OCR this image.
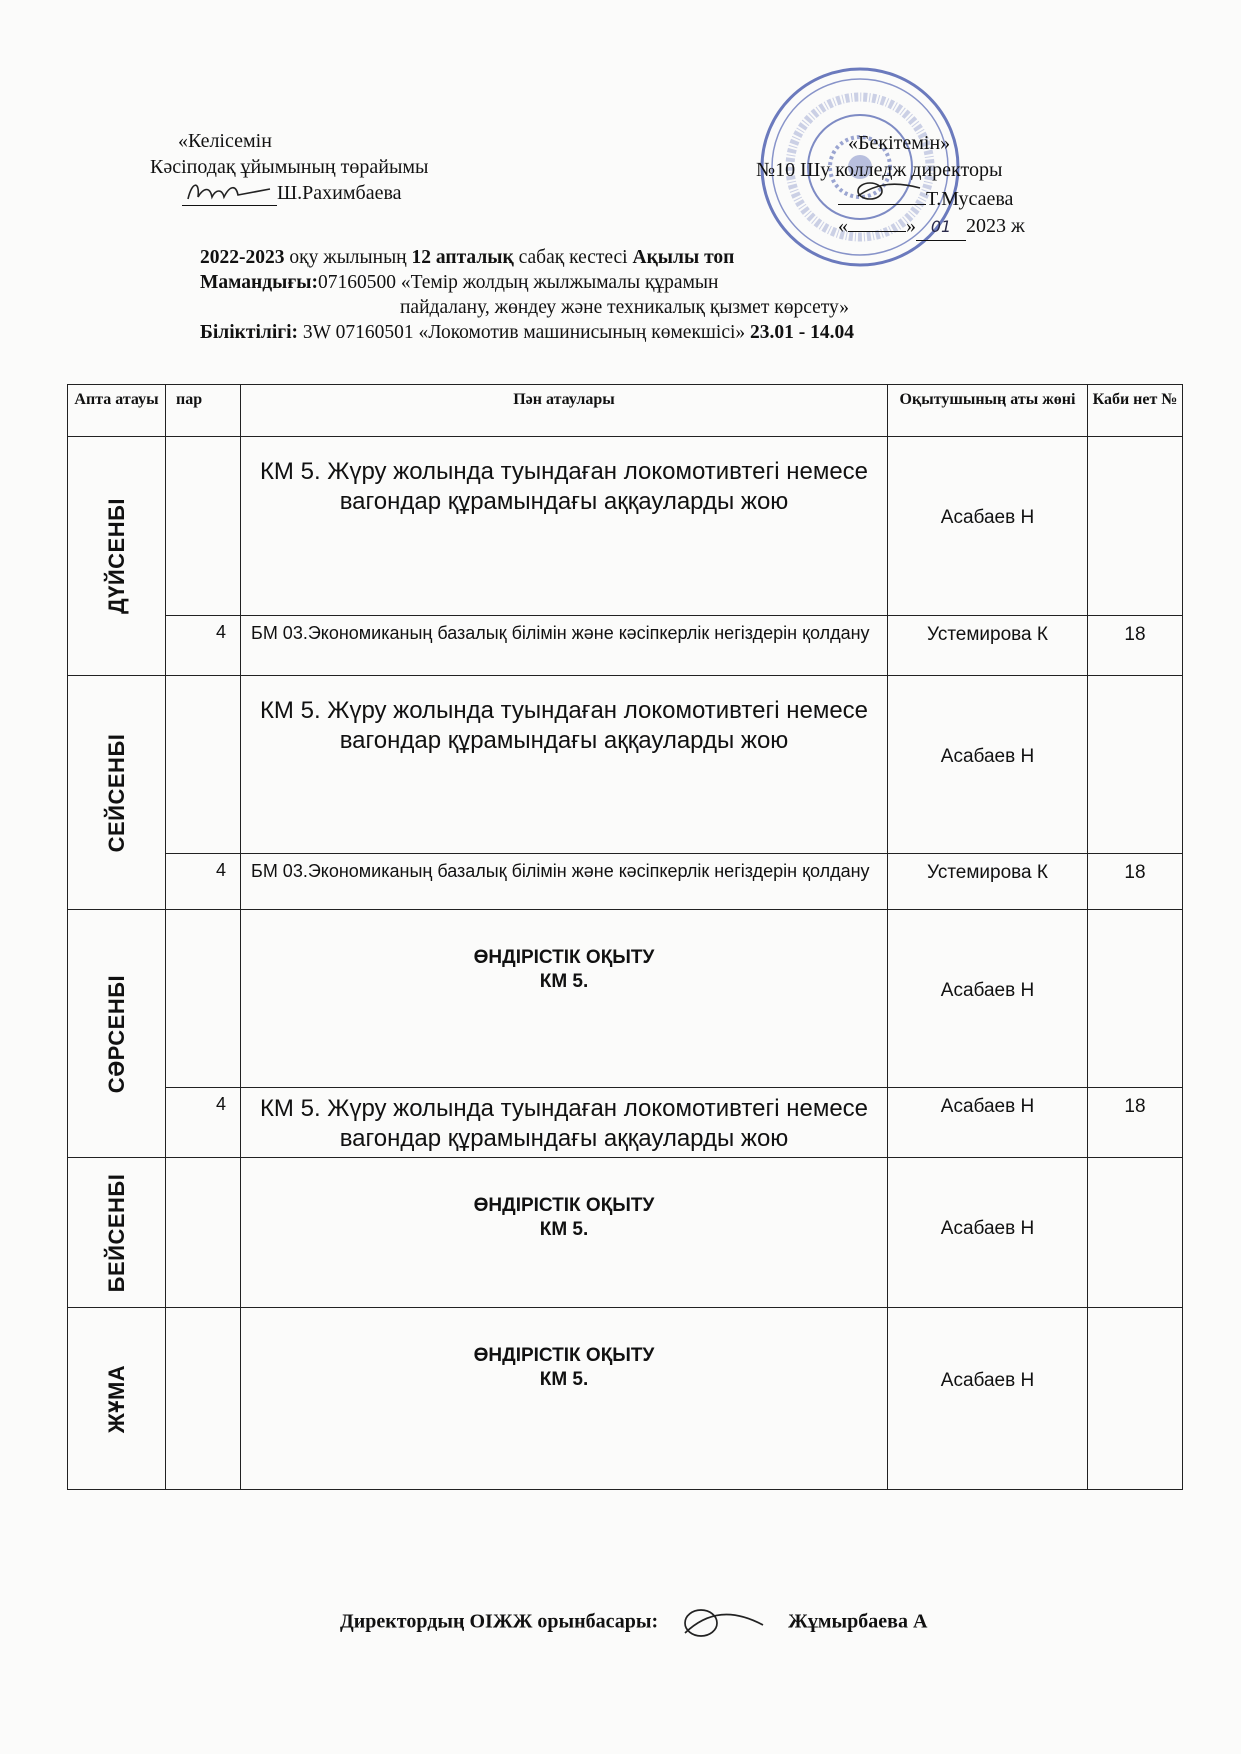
«Келісемін
Кәсіподақ ұйымының төрайымы
Ш.Рахимбаева
«Бекітемін»
№10 Шу колледж директоры
Т.Мусаева
«	» 01 2023 ж
2022-2023 оқу жылының 12 апталық сабақ кестесі Ақылы топ
Мамандығы:07160500 «Темір жолдың жылжымалы құрамын
пайдалану, жөндеу және техникалық қызмет көрсету»
Біліктілігі: 3W 07160501 «Локомотив машинисының көмекшісі» 23.01 - 14.04
Апта атауы	пар	Пән атаулары	Оқытушының аты жөні	Каби нет №

ДҮЙСЕНБІ		КМ 5. Жүру жолында туындаған локомотивтегі немесе вагондар құрамындағы аққауларды жою	Асабаев Н	
	4	БМ 03.Экономиканың базалық білімін және кәсіпкерлік негіздерін қолдану	Устемирова К	18

СЕЙСЕНБІ		КМ 5. Жүру жолында туындаған локомотивтегі немесе вагондар құрамындағы аққауларды жою	Асабаев Н	
	4	БМ 03.Экономиканың базалық білімін және кәсіпкерлік негіздерін қолдану	Устемирова К	18

СӘРСЕНБІ		ӨНДІРІСТІК ОҚЫТУ
КМ 5.	Асабаев Н	
	4	КМ 5. Жүру жолында туындаған локомотивтегі немесе вагондар құрамындағы аққауларды жою	Асабаев Н	18

БЕЙСЕНБІ		ӨНДІРІСТІК ОҚЫТУ
КМ 5.	Асабаев Н	

ЖҰМА		ӨНДІРІСТІК ОҚЫТУ
КМ 5.	Асабаев Н	
Директордың ОІЖЖ орынбасары:	Жұмырбаева А
